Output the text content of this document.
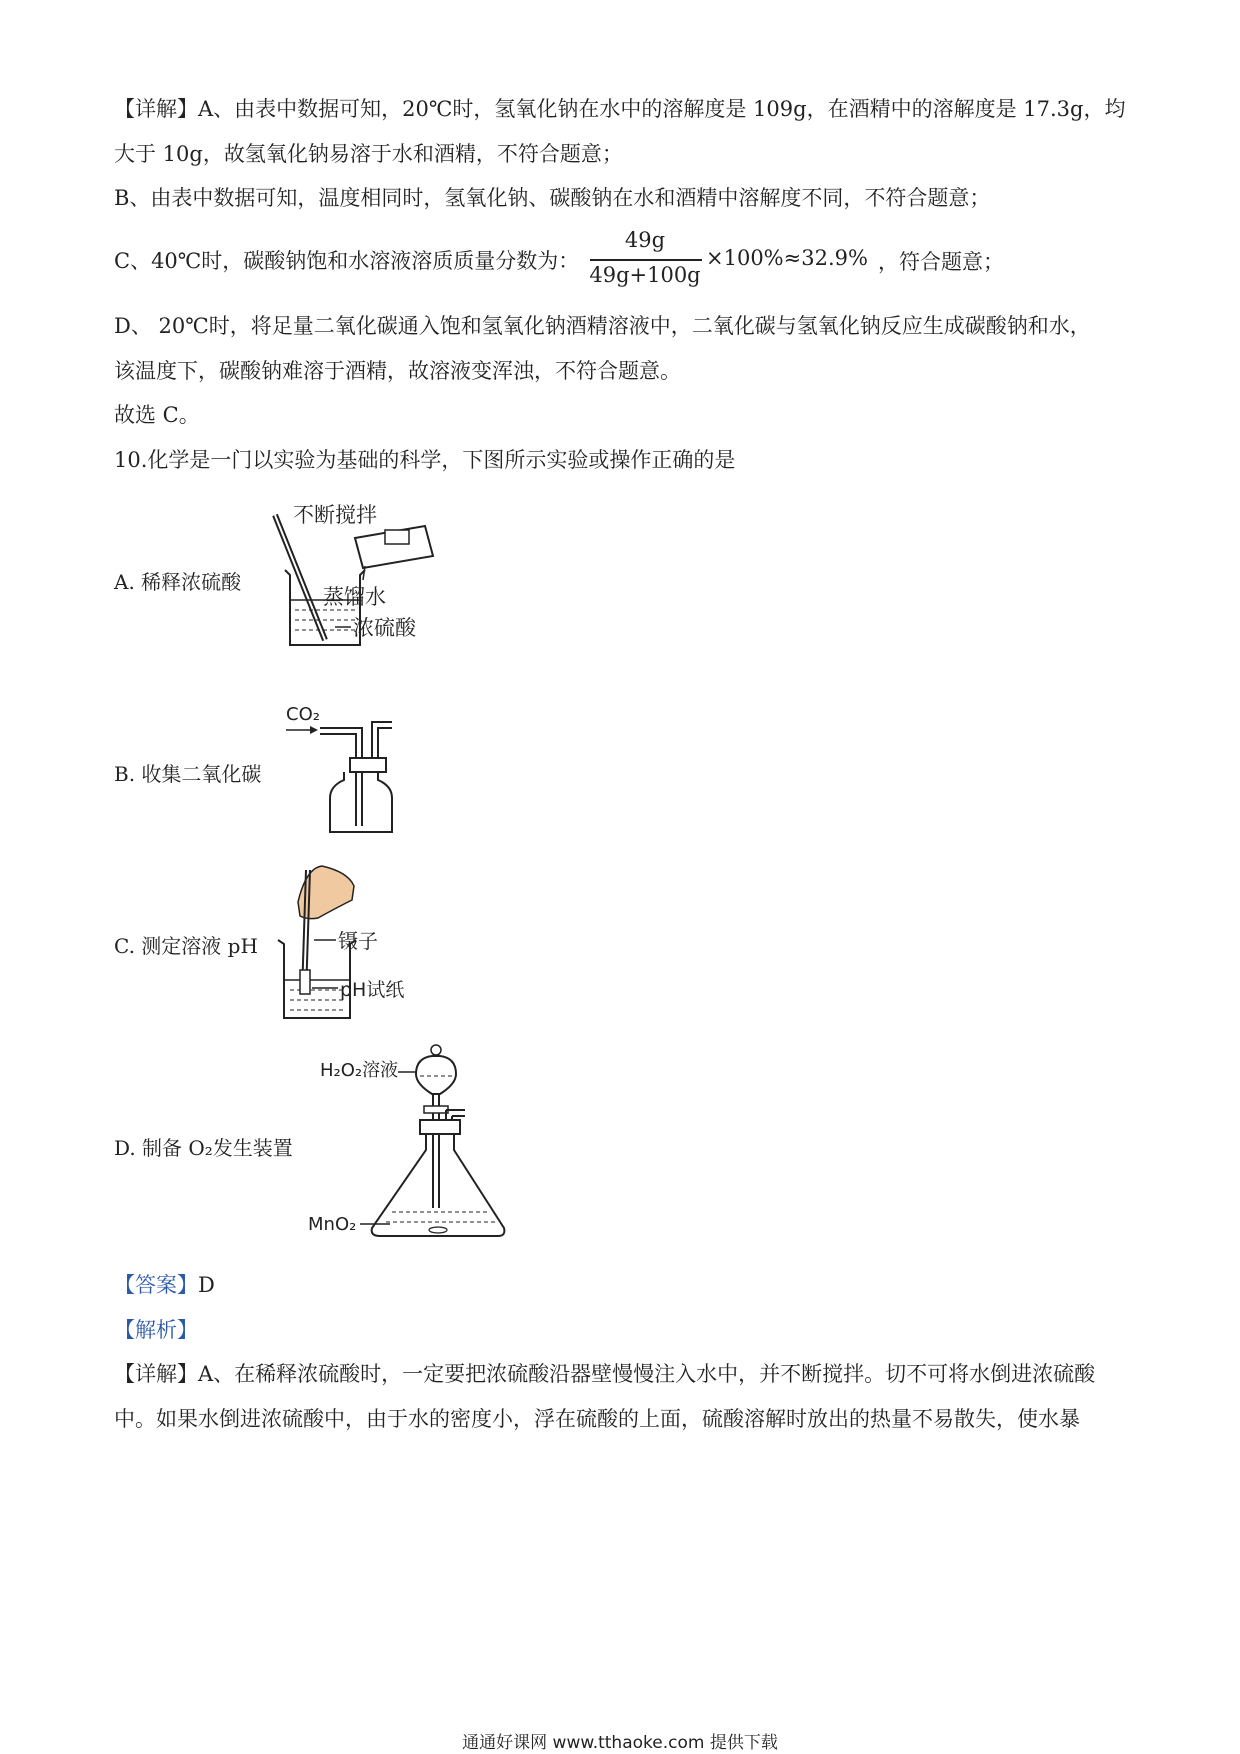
【详解】A、由表中数据可知，20℃时，氢氧化钠在水中的溶解度是 109g，在酒精中的溶解度是 17.3g，均
大于 10g，故氢氧化钠易溶于水和酒精，不符合题意；
B、由表中数据可知，温度相同时，氢氧化钠、碳酸钠在水和酒精中溶解度不同，不符合题意；
C、40℃时，碳酸钠饱和水溶液溶质质量分数为：
49g
49g+100g
×100%≈32.9% ，符合题意；
D、 20℃时，将足量二氧化碳通入饱和氢氧化钠酒精溶液中，二氧化碳与氢氧化钠反应生成碳酸钠和水，
该温度下，碳酸钠难溶于酒精，故溶液变浑浊，不符合题意。
故选 C。
10.化学是一门以实验为基础的科学，下图所示实验或操作正确的是
A. 稀释浓硫酸
不断搅拌
蒸馏水
浓硫酸
B. 收集二氧化碳
CO₂
C. 测定溶液 pH	镊子
pH试纸
D. 制备 O₂发生装置
H₂O₂溶液
MnO₂
【答案】D
【解析】
【详解】A、在稀释浓硫酸时，一定要把浓硫酸沿器壁慢慢注入水中，并不断搅拌。切不可将水倒进浓硫酸
中。如果水倒进浓硫酸中，由于水的密度小，浮在硫酸的上面，硫酸溶解时放出的热量不易散失，使水暴
通通好课网 www.tthaoke.com 提供下载
